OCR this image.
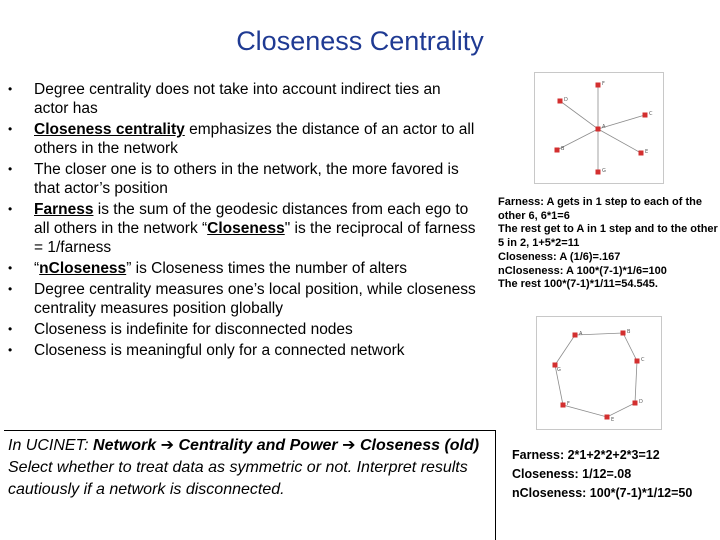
Closeness Centrality
• Degree centrality does not take into account indirect ties an actor has
• Closeness centrality emphasizes the distance of an actor to all others in the network
• The closer one is to others in the network, the more favored is that actor’s position
• Farness is the sum of the geodesic distances from each ego to all others in the network “Closeness" is the reciprocal of farness = 1/farness
• “nCloseness” is Closeness times the number of alters
• Degree centrality measures one’s local position, while closeness centrality measures position globally
• Closeness is indefinite for disconnected nodes
• Closeness is meaningful only for a connected network
In UCINET: Network ➔ Centrality and Power ➔ Closeness (old)
Select whether to treat data as symmetric or not. Interpret results cautiously if a network is disconnected.
A
F
D
C
E
G
B
Farness: A gets in 1 step to each of the other 6, 6*1=6
The rest get to A in 1 step and to the other 5 in 2, 1+5*2=11
Closeness: A (1/6)=.167
nCloseness: A 100*(7-1)*1/6=100
The rest 100*(7-1)*1/11=54.545.
A	B
C
D
E
F
G
Farness: 2*1+2*2+2*3=12
Closeness: 1/12=.08
nCloseness: 100*(7-1)*1/12=50
